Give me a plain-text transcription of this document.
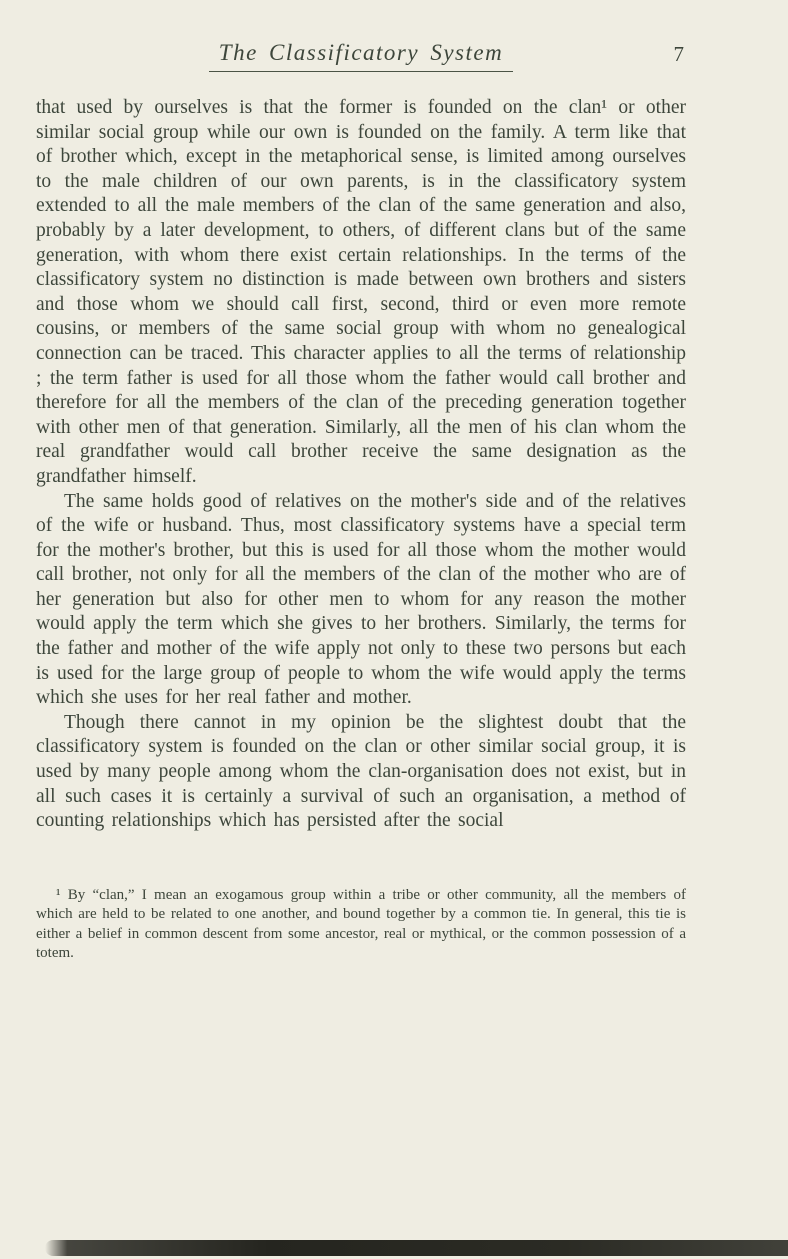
The Classificatory System	7

that used by ourselves is that the former is founded on the clan¹ or other similar social group while our own is founded on the family. A term like that of brother which, except in the metaphorical sense, is limited among ourselves to the male children of our own parents, is in the classificatory system extended to all the male members of the clan of the same generation and also, probably by a later development, to others, of different clans but of the same generation, with whom there exist certain relationships. In the terms of the classificatory system no distinction is made between own brothers and sisters and those whom we should call first, second, third or even more remote cousins, or members of the same social group with whom no genealogical connection can be traced. This character applies to all the terms of relationship ; the term father is used for all those whom the father would call brother and therefore for all the members of the clan of the preceding generation together with other men of that generation. Similarly, all the men of his clan whom the real grandfather would call brother receive the same designation as the grandfather himself.

The same holds good of relatives on the mother's side and of the relatives of the wife or husband. Thus, most classificatory systems have a special term for the mother's brother, but this is used for all those whom the mother would call brother, not only for all the members of the clan of the mother who are of her generation but also for other men to whom for any reason the mother would apply the term which she gives to her brothers. Similarly, the terms for the father and mother of the wife apply not only to these two persons but each is used for the large group of people to whom the wife would apply the terms which she uses for her real father and mother.

Though there cannot in my opinion be the slightest doubt that the classificatory system is founded on the clan or other similar social group, it is used by many people among whom the clan-organisation does not exist, but in all such cases it is certainly a survival of such an organisation, a method of counting relationships which has persisted after the social

¹ By “clan,” I mean an exogamous group within a tribe or other community, all the members of which are held to be related to one another, and bound together by a common tie. In general, this tie is either a belief in common descent from some ancestor, real or mythical, or the common possession of a totem.
